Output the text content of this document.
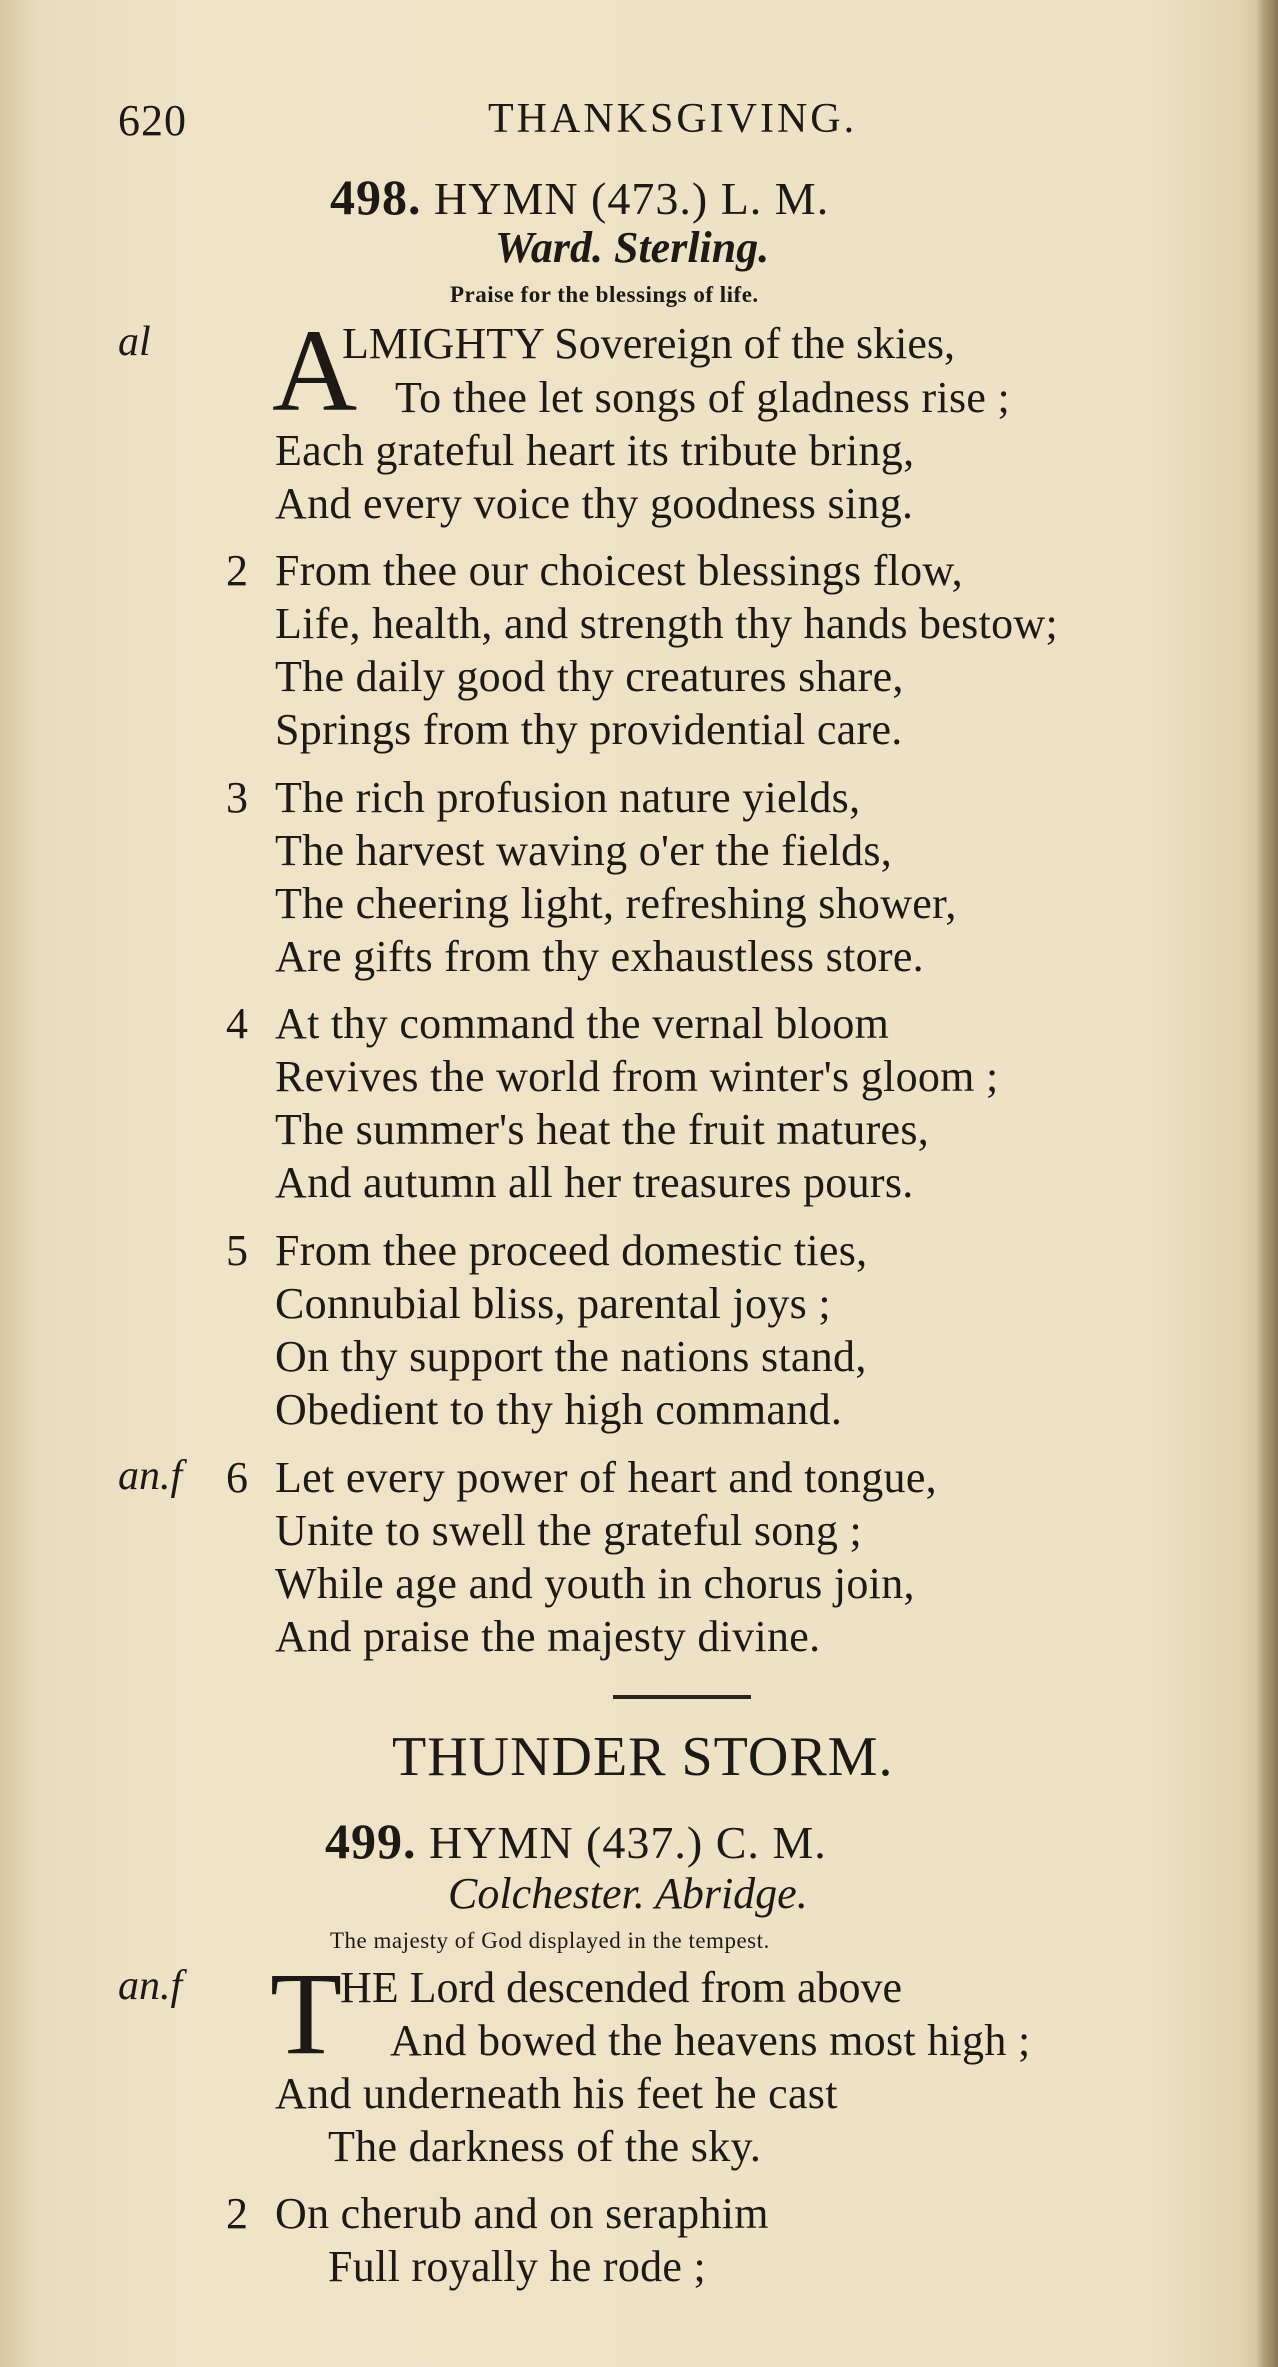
620	THANKSGIVING.
498. HYMN (473.) L. M.
Ward. Sterling.
Praise for the blessings of life.
al A
LMIGHTY Sovereign of the skies,
To thee let songs of gladness rise ;
Each grateful heart its tribute bring,
And every voice thy goodness sing.
2 From thee our choicest blessings flow,
Life, health, and strength thy hands bestow;
The daily good thy creatures share,
Springs from thy providential care.
3 The rich profusion nature yields,
The harvest waving o'er the fields,
The cheering light, refreshing shower,
Are gifts from thy exhaustless store.
4 At thy command the vernal bloom
Revives the world from winter's gloom ;
The summer's heat the fruit matures,
And autumn all her treasures pours.
5 From thee proceed domestic ties,
Connubial bliss, parental joys ;
On thy support the nations stand,
Obedient to thy high command.
an.f 6 Let every power of heart and tongue,
Unite to swell the grateful song ;
While age and youth in chorus join,
And praise the majesty divine.
THUNDER STORM.
499. HYMN (437.) C. M.
Colchester. Abridge.
The majesty of God displayed in the tempest.
an.f T
HE Lord descended from above
And bowed the heavens most high ;
And underneath his feet he cast
The darkness of the sky.
2 On cherub and on seraphim
Full royally he rode ;
